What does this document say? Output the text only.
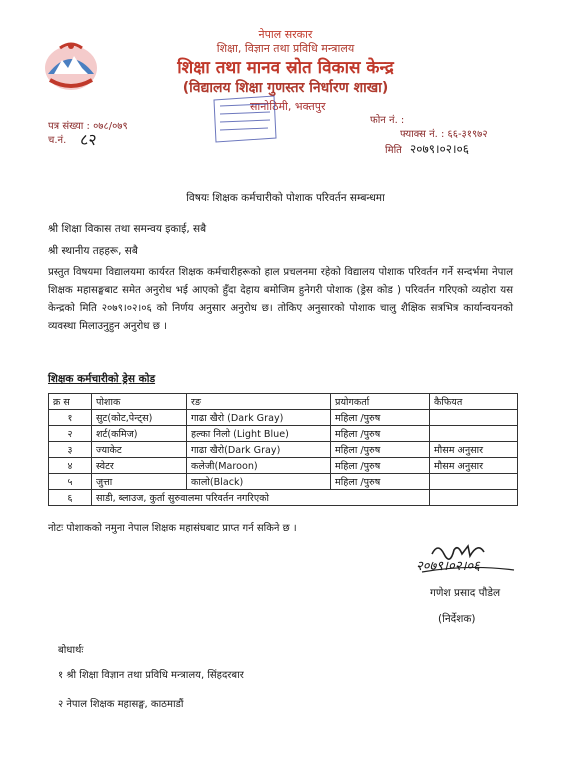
नेपाल सरकार
शिक्षा, विज्ञान तथा प्रविधि मन्त्रालय
शिक्षा तथा मानव स्रोत विकास केन्द्र
(विद्यालय शिक्षा गुणस्तर निर्धारण शाखा)
सानोठिमी, भक्तपुर
पत्र संख्या : ०७८/०७९
च.नं. ८२
फोन नं. :
फ्याक्स नं. : ६६-३१९७२
मिति २०७९।०२।०६
विषयः शिक्षक कर्मचारीको पोशाक परिवर्तन सम्बन्धमा
श्री शिक्षा विकास तथा समन्वय इकाई, सबै
श्री स्थानीय तहहरू, सबै
प्रस्तुत विषयमा विद्यालयमा कार्यरत शिक्षक कर्मचारीहरूको हाल प्रचलनमा रहेको विद्यालय पोशाक परिवर्तन गर्ने सन्दर्भमा नेपाल शिक्षक महासङ्घबाट समेत अनुरोध भई आएको हुँदा देहाय बमोजिम हुनेगरी पोशाक (ड्रेस कोड ) परिवर्तन गरिएको व्यहोरा यस केन्द्रको मिति २०७९।०२।०६ को निर्णय अनुसार अनुरोध छ। तोकिए अनुसारको पोशाक चालु शैक्षिक सत्रभित्र कार्यान्वयनको व्यवस्था मिलाउनुहुन अनुरोध छ ।
शिक्षक कर्मचारीको ड्रेस कोड
क्र स	पोशाक	रङ	प्रयोगकर्ता	कैफियत
१	सुट(कोट,पेन्ट्स)	गाढा खैरो (Dark Gray)	महिला /पुरुष	
२	शर्ट(कमिज)	हल्का निलो (Light Blue)	महिला /पुरुष	
३	ज्याकेट	गाढा खैरो(Dark Gray)	महिला /पुरुष	मौसम अनुसार
४	स्वेटर	कलेजी(Maroon)	महिला /पुरुष	मौसम अनुसार
५	जुत्ता	कालो(Black)	महिला /पुरुष	
६	साडी, ब्लाउज, कुर्ता सुरुवालमा परिवर्तन नगरिएको			
नोटः पोशाकको नमुना नेपाल शिक्षक महासंघबाट प्राप्त गर्न सकिने छ ।
२०७९।०२।०६
गणेश प्रसाद पौडेल
(निर्देशक)
बोधार्थः
१ श्री शिक्षा विज्ञान तथा प्रविधि मन्त्रालय, सिंहदरबार
२ नेपाल शिक्षक महासङ्घ, काठमाडौं
